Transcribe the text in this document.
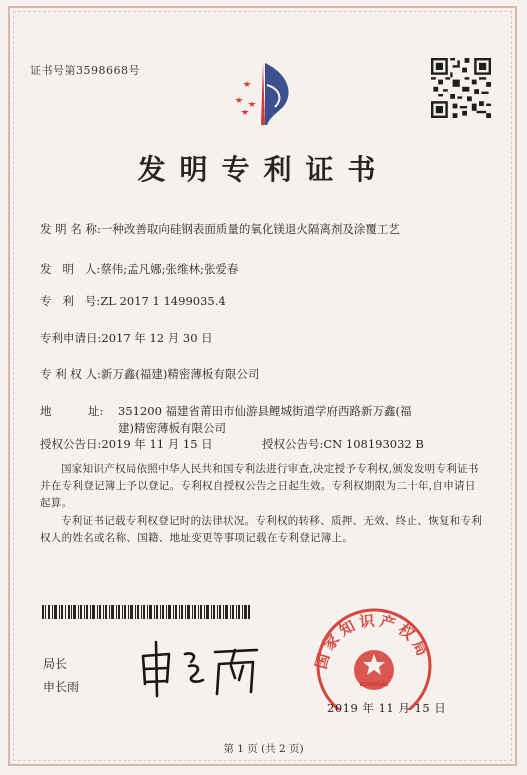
证书号第3598668号
发明专利证书
发 明 名 称:一种改善取向硅钢表面质量的氧化镁退火隔离剂及涂覆工艺
发   明   人:蔡伟;孟凡娜;张维林;张爱春
专   利   号:ZL 2017 1 1499035.4
专利申请日:2017 年 12 月 30 日
专 利 权 人:新万鑫(福建)精密薄板有限公司
地          址: 351200 福建省莆田市仙游县鲤城街道学府西路新万鑫(福建)精密薄板有限公司
授权公告日:2019 年 11 月 15 日	授权公告号:CN 108193032 B
国家知识产权局依照中华人民共和国专利法进行审查,决定授予专利权,颁发发明专利证书并在专利登记簿上予以登记。专利权自授权公告之日起生效。专利权期限为二十年,自申请日起算。
专利证书记载专利权登记时的法律状况。专利权的转移、质押、无效、终止、恢复和专利权人的姓名或名称、国籍、地址变更等事项记载在专利登记簿上。
局长
申长雨
国家知识产权局
2019 年 11 月 15 日
第 1 页 (共 2 页)
